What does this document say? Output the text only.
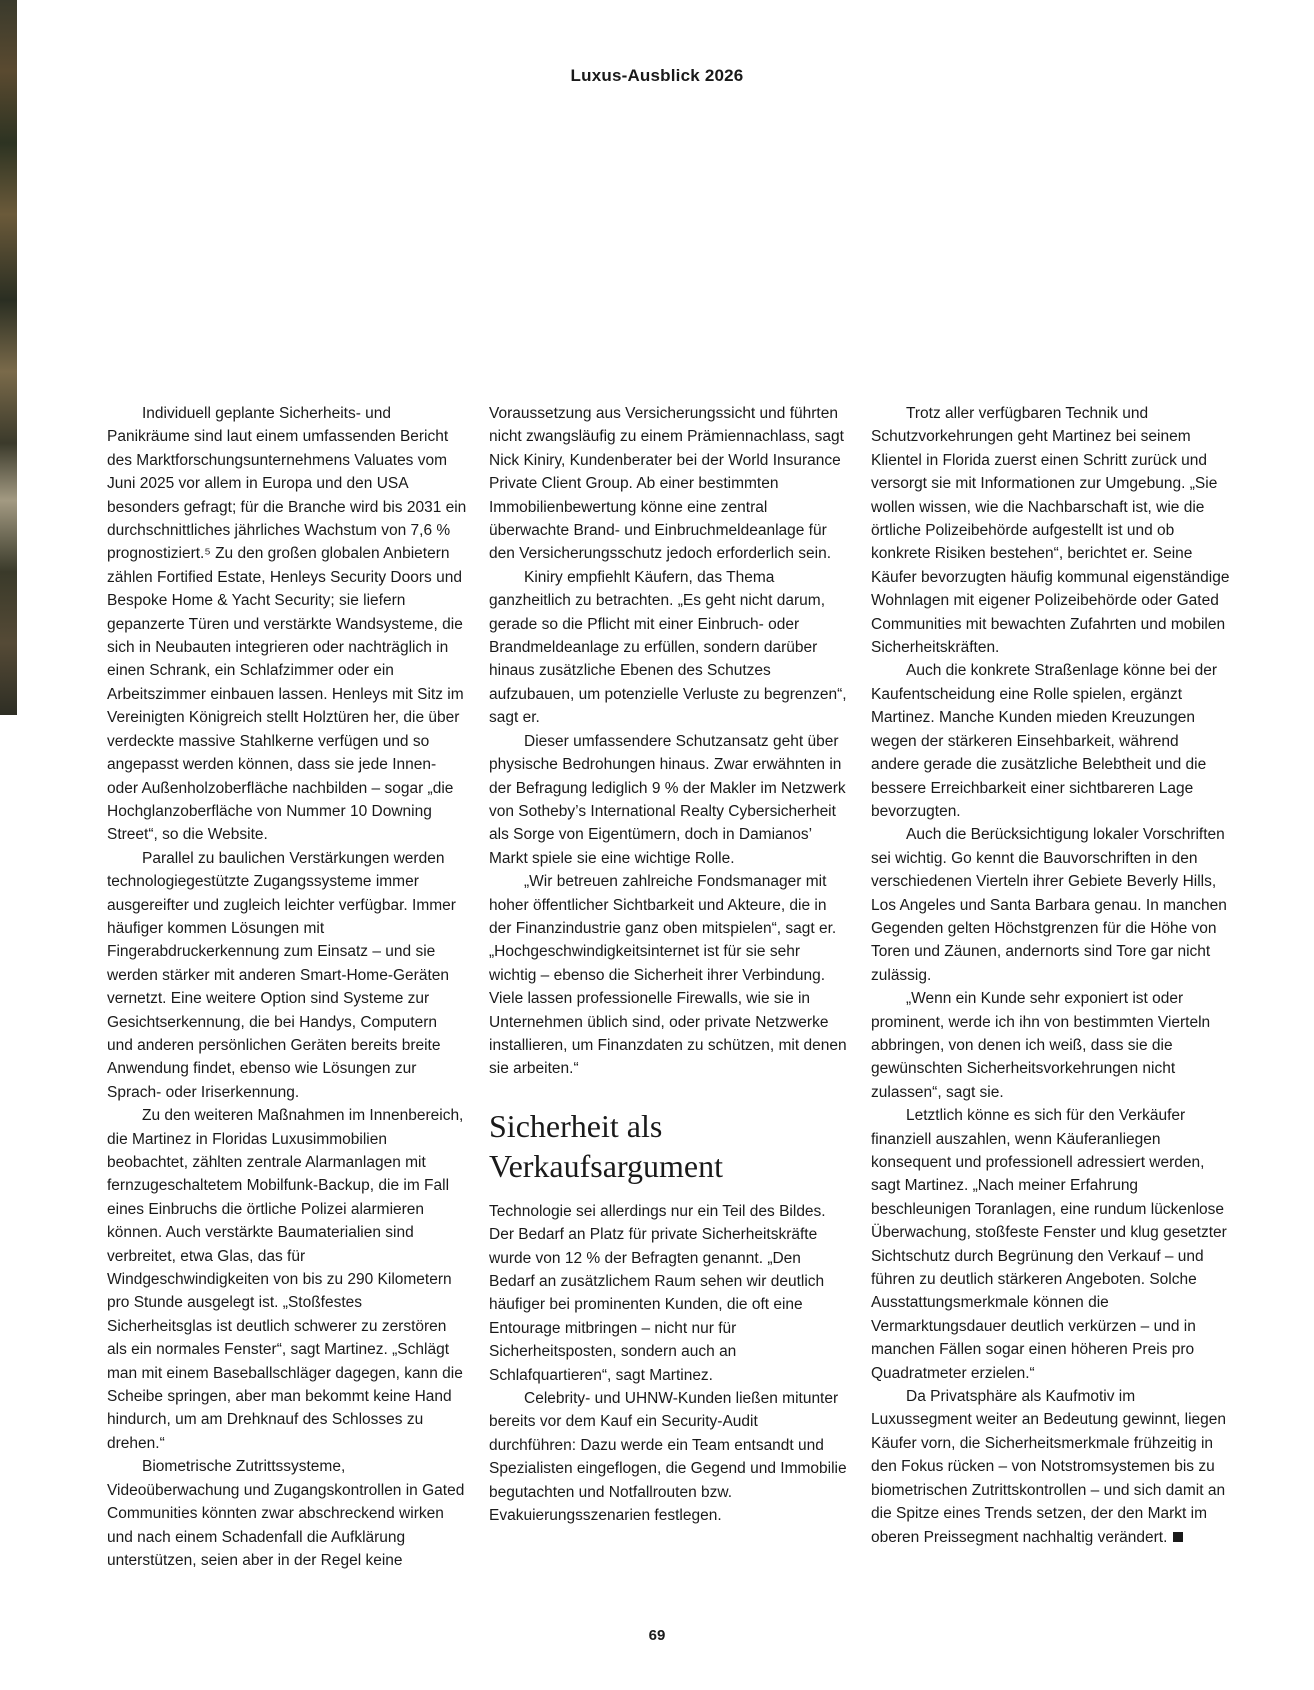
Luxus-Ausblick 2026

Individuell geplante Sicherheits- und Panikräume sind laut einem umfassenden Bericht des Marktforschungsunternehmens Valuates vom Juni 2025 vor allem in Europa und den USA besonders gefragt; für die Branche wird bis 2031 ein durchschnittliches jährliches Wachstum von 7,6 % prognostiziert.⁵ Zu den großen globalen Anbietern zählen Fortified Estate, Henleys Security Doors und Bespoke Home & Yacht Security; sie liefern gepanzerte Türen und verstärkte Wandsysteme, die sich in Neubauten integrieren oder nachträglich in einen Schrank, ein Schlafzimmer oder ein Arbeitszimmer einbauen lassen. Henleys mit Sitz im Vereinigten Königreich stellt Holztüren her, die über verdeckte massive Stahlkerne verfügen und so angepasst werden können, dass sie jede Innen- oder Außenholzoberfläche nachbilden – sogar „die Hochglanzoberfläche von Nummer 10 Downing Street“, so die Website.

Parallel zu baulichen Verstärkungen werden technologiegestützte Zugangssysteme immer ausgereifter und zugleich leichter verfügbar. Immer häufiger kommen Lösungen mit Fingerabdruckerkennung zum Einsatz – und sie werden stärker mit anderen Smart-Home-Geräten vernetzt. Eine weitere Option sind Systeme zur Gesichtserkennung, die bei Handys, Computern und anderen persönlichen Geräten bereits breite Anwendung findet, ebenso wie Lösungen zur Sprach- oder Iriserkennung.

Zu den weiteren Maßnahmen im Innenbereich, die Martinez in Floridas Luxusimmobilien beobachtet, zählten zentrale Alarmanlagen mit fernzugeschaltetem Mobilfunk-Backup, die im Fall eines Einbruchs die örtliche Polizei alarmieren können. Auch verstärkte Baumaterialien sind verbreitet, etwa Glas, das für Windgeschwindigkeiten von bis zu 290 Kilometern pro Stunde ausgelegt ist. „Stoßfestes Sicherheitsglas ist deutlich schwerer zu zerstören als ein normales Fenster“, sagt Martinez. „Schlägt man mit einem Baseballschläger dagegen, kann die Scheibe springen, aber man bekommt keine Hand hindurch, um am Drehknauf des Schlosses zu drehen.“

Biometrische Zutrittssysteme, Videoüberwachung und Zugangskontrollen in Gated Communities könnten zwar abschreckend wirken und nach einem Schadenfall die Aufklärung unterstützen, seien aber in der Regel keine

Voraussetzung aus Versicherungssicht und führten nicht zwangsläufig zu einem Prämiennachlass, sagt Nick Kiniry, Kundenberater bei der World Insurance Private Client Group. Ab einer bestimmten Immobilienbewertung könne eine zentral überwachte Brand- und Einbruchmeldeanlage für den Versicherungsschutz jedoch erforderlich sein.

Kiniry empfiehlt Käufern, das Thema ganzheitlich zu betrachten. „Es geht nicht darum, gerade so die Pflicht mit einer Einbruch- oder Brandmeldeanlage zu erfüllen, sondern darüber hinaus zusätzliche Ebenen des Schutzes aufzubauen, um potenzielle Verluste zu begrenzen“, sagt er.

Dieser umfassendere Schutzansatz geht über physische Bedrohungen hinaus. Zwar erwähnten in der Befragung lediglich 9 % der Makler im Netzwerk von Sotheby’s International Realty Cybersicherheit als Sorge von Eigentümern, doch in Damianos’ Markt spiele sie eine wichtige Rolle.

„Wir betreuen zahlreiche Fondsmanager mit hoher öffentlicher Sichtbarkeit und Akteure, die in der Finanzindustrie ganz oben mitspielen“, sagt er. „Hochgeschwindigkeitsinternet ist für sie sehr wichtig – ebenso die Sicherheit ihrer Verbindung. Viele lassen professionelle Firewalls, wie sie in Unternehmen üblich sind, oder private Netzwerke installieren, um Finanzdaten zu schützen, mit denen sie arbeiten.“

Sicherheit als Verkaufsargument

Technologie sei allerdings nur ein Teil des Bildes. Der Bedarf an Platz für private Sicherheitskräfte wurde von 12 % der Befragten genannt. „Den Bedarf an zusätzlichem Raum sehen wir deutlich häufiger bei prominenten Kunden, die oft eine Entourage mitbringen – nicht nur für Sicherheitsposten, sondern auch an Schlafquartieren“, sagt Martinez.

Celebrity- und UHNW-Kunden ließen mitunter bereits vor dem Kauf ein Security-Audit durchführen: Dazu werde ein Team entsandt und Spezialisten eingeflogen, die Gegend und Immobilie begutachten und Notfallrouten bzw. Evakuierungsszenarien festlegen.

Trotz aller verfügbaren Technik und Schutzvorkehrungen geht Martinez bei seinem Klientel in Florida zuerst einen Schritt zurück und versorgt sie mit Informationen zur Umgebung. „Sie wollen wissen, wie die Nachbarschaft ist, wie die örtliche Polizeibehörde aufgestellt ist und ob konkrete Risiken bestehen“, berichtet er. Seine Käufer bevorzugten häufig kommunal eigenständige Wohnlagen mit eigener Polizeibehörde oder Gated Communities mit bewachten Zufahrten und mobilen Sicherheitskräften.

Auch die konkrete Straßenlage könne bei der Kaufentscheidung eine Rolle spielen, ergänzt Martinez. Manche Kunden mieden Kreuzungen wegen der stärkeren Einsehbarkeit, während andere gerade die zusätzliche Belebtheit und die bessere Erreichbarkeit einer sichtbareren Lage bevorzugten.

Auch die Berücksichtigung lokaler Vorschriften sei wichtig. Go kennt die Bauvorschriften in den verschiedenen Vierteln ihrer Gebiete Beverly Hills, Los Angeles und Santa Barbara genau. In manchen Gegenden gelten Höchstgrenzen für die Höhe von Toren und Zäunen, andernorts sind Tore gar nicht zulässig.

„Wenn ein Kunde sehr exponiert ist oder prominent, werde ich ihn von bestimmten Vierteln abbringen, von denen ich weiß, dass sie die gewünschten Sicherheitsvorkehrungen nicht zulassen“, sagt sie.

Letztlich könne es sich für den Verkäufer finanziell auszahlen, wenn Käuferanliegen konsequent und professionell adressiert werden, sagt Martinez. „Nach meiner Erfahrung beschleunigen Toranlagen, eine rundum lückenlose Überwachung, stoßfeste Fenster und klug gesetzter Sichtschutz durch Begrünung den Verkauf – und führen zu deutlich stärkeren Angeboten. Solche Ausstattungsmerkmale können die Vermarktungsdauer deutlich verkürzen – und in manchen Fällen sogar einen höheren Preis pro Quadratmeter erzielen.“

Da Privatsphäre als Kaufmotiv im Luxussegment weiter an Bedeutung gewinnt, liegen Käufer vorn, die Sicherheitsmerkmale frühzeitig in den Fokus rücken – von Notstromsystemen bis zu biometrischen Zutrittskontrollen – und sich damit an die Spitze eines Trends setzen, der den Markt im oberen Preissegment nachhaltig verändert.

69
